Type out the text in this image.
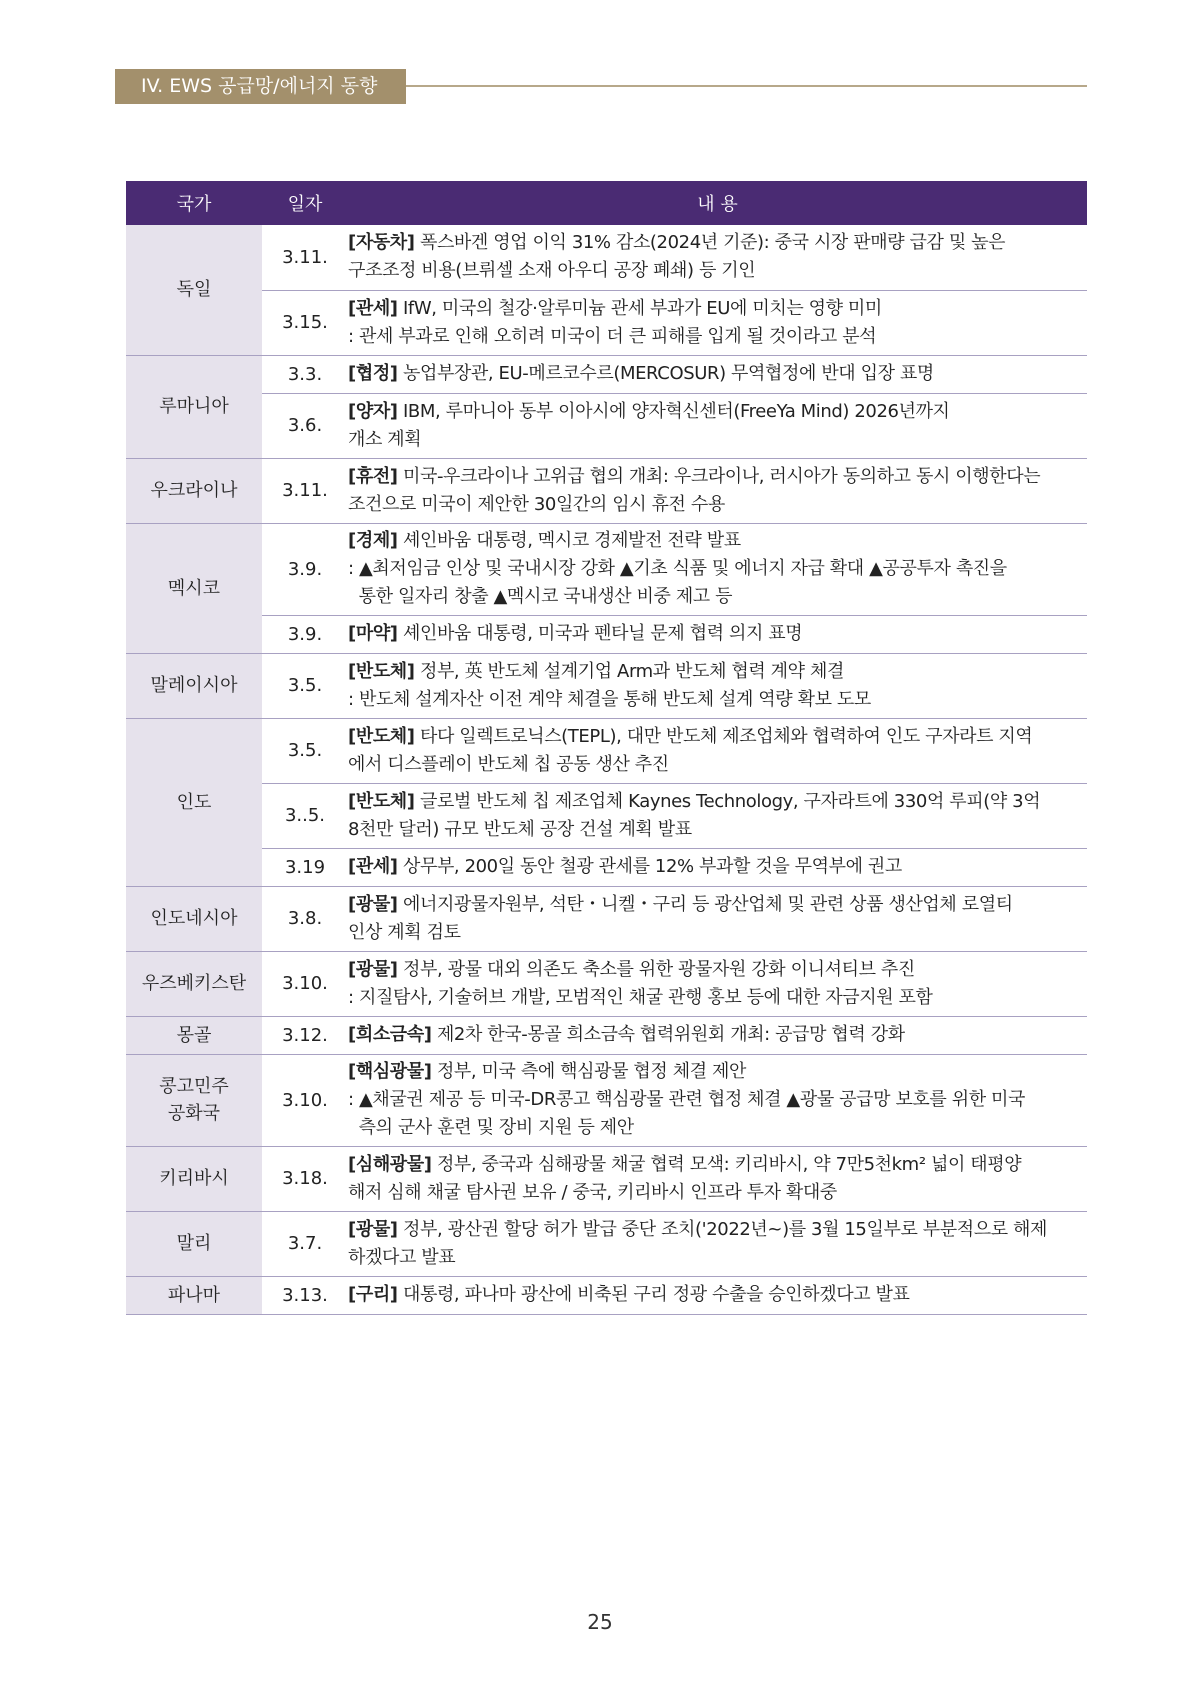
IV. EWS 공급망/에너지 동향
국가	일자	내 용
독일	3.11.	[자동차] 폭스바겐 영업 이익 31% 감소(2024년 기준): 중국 시장 판매량 급감 및 높은
구조조정 비용(브뤼셀 소재 아우디 공장 폐쇄) 등 기인
	3.15.	[관세] IfW, 미국의 철강·알루미늄 관세 부과가 EU에 미치는 영향 미미
: 관세 부과로 인해 오히려 미국이 더 큰 피해를 입게 될 것이라고 분석
루마니아	3.3.	[협정] 농업부장관, EU-메르코수르(MERCOSUR) 무역협정에 반대 입장 표명
	3.6.	[양자] IBM, 루마니아 동부 이아시에 양자혁신센터(FreeYa Mind) 2026년까지
개소 계획
우크라이나	3.11.	[휴전] 미국-우크라이나 고위급 협의 개최: 우크라이나, 러시아가 동의하고 동시 이행한다는
조건으로 미국이 제안한 30일간의 임시 휴전 수용
멕시코	3.9.	[경제] 셰인바움 대통령, 멕시코 경제발전 전략 발표
: ▲최저임금 인상 및 국내시장 강화 ▲기초 식품 및 에너지 자급 확대 ▲공공투자 촉진을
통한 일자리 창출 ▲멕시코 국내생산 비중 제고 등
	3.9.	[마약] 셰인바움 대통령, 미국과 펜타닐 문제 협력 의지 표명
말레이시아	3.5.	[반도체] 정부, 英 반도체 설계기업 Arm과 반도체 협력 계약 체결
: 반도체 설계자산 이전 계약 체결을 통해 반도체 설계 역량 확보 도모
인도	3.5.	[반도체] 타다 일렉트로닉스(TEPL), 대만 반도체 제조업체와 협력하여 인도 구자라트 지역
에서 디스플레이 반도체 칩 공동 생산 추진
	3..5.	[반도체] 글로벌 반도체 칩 제조업체 Kaynes Technology, 구자라트에 330억 루피(약 3억
8천만 달러) 규모 반도체 공장 건설 계획 발표
	3.19	[관세] 상무부, 200일 동안 철광 관세를 12% 부과할 것을 무역부에 권고
인도네시아	3.8.	[광물] 에너지광물자원부, 석탄・니켈・구리 등 광산업체 및 관련 상품 생산업체 로열티
인상 계획 검토
우즈베키스탄	3.10.	[광물] 정부, 광물 대외 의존도 축소를 위한 광물자원 강화 이니셔티브 추진
: 지질탐사, 기술허브 개발, 모범적인 채굴 관행 홍보 등에 대한 자금지원 포함
몽골	3.12.	[희소금속] 제2차 한국-몽골 희소금속 협력위원회 개최: 공급망 협력 강화
콩고민주
공화국	3.10.	[핵심광물] 정부, 미국 측에 핵심광물 협정 체결 제안
: ▲채굴권 제공 등 미국-DR콩고 핵심광물 관련 협정 체결 ▲광물 공급망 보호를 위한 미국
측의 군사 훈련 및 장비 지원 등 제안
키리바시	3.18.	[심해광물] 정부, 중국과 심해광물 채굴 협력 모색: 키리바시, 약 7만5천km² 넓이 태평양
해저 심해 채굴 탐사권 보유 / 중국, 키리바시 인프라 투자 확대중
말리	3.7.	[광물] 정부, 광산권 할당 허가 발급 중단 조치('2022년~)를 3월 15일부로 부분적으로 해제
하겠다고 발표
파나마	3.13.	[구리] 대통령, 파나마 광산에 비축된 구리 정광 수출을 승인하겠다고 발표
25
